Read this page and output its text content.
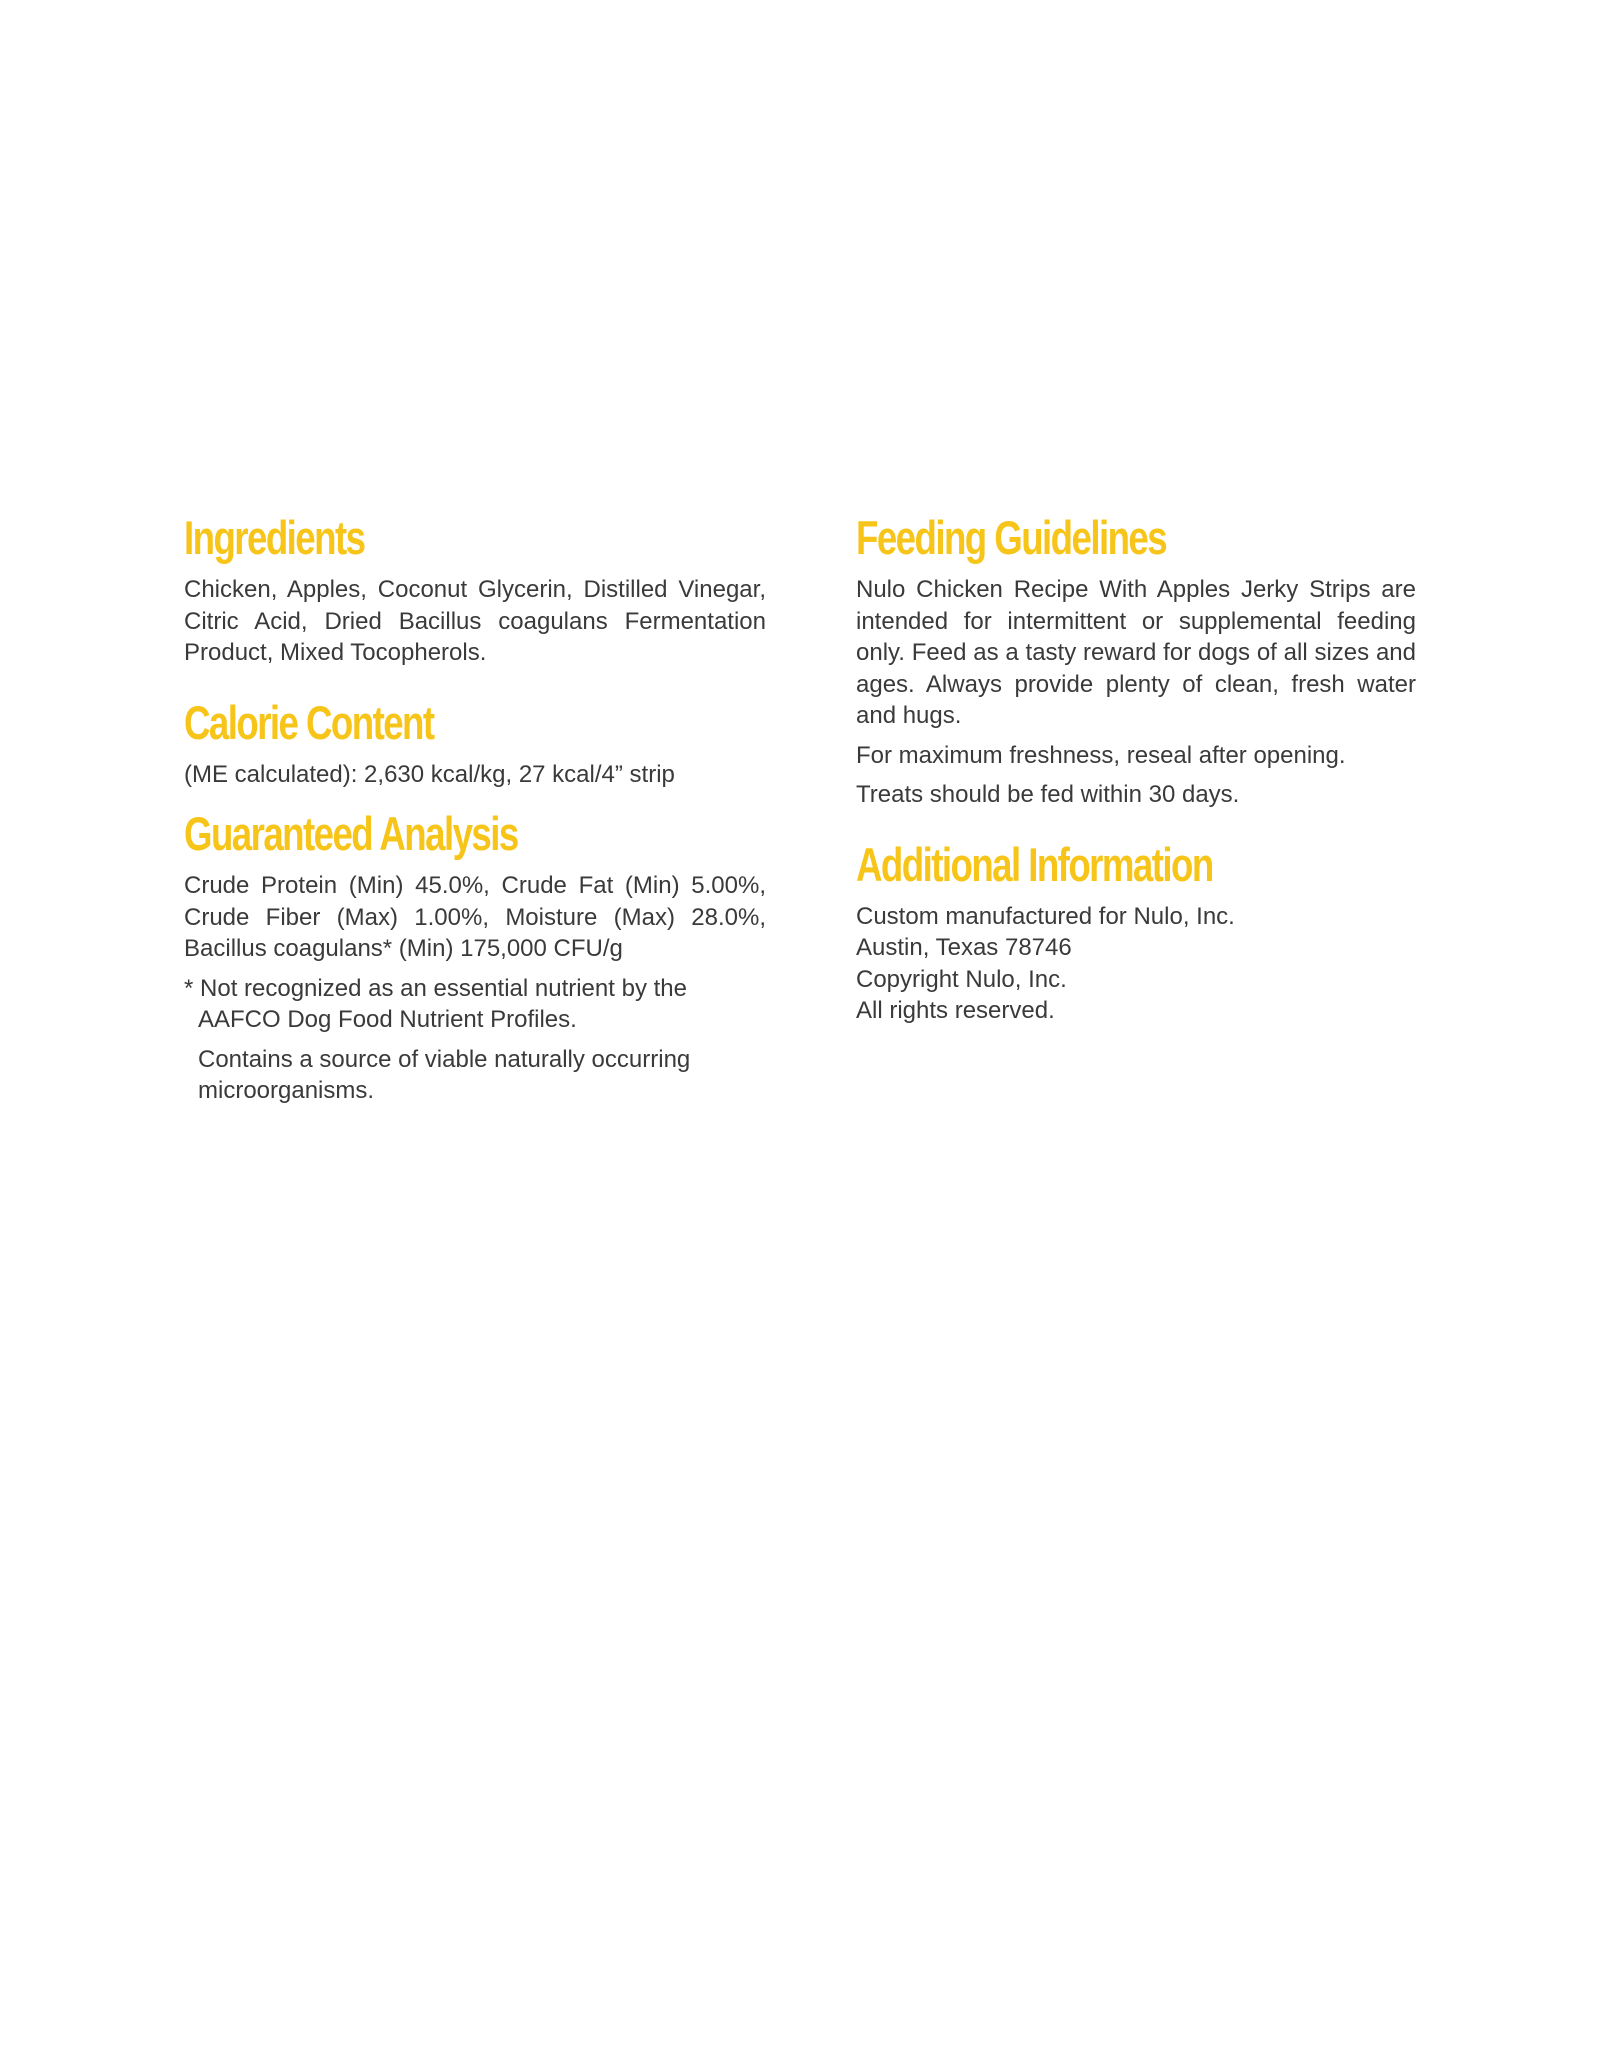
Ingredients

Chicken, Apples, Coconut Glycerin, Distilled Vinegar, Citric Acid, Dried Bacillus coagulans Fermentation Product, Mixed Tocopherols.

Calorie Content

(ME calculated): 2,630 kcal/kg, 27 kcal/4” strip

Guaranteed Analysis

Crude Protein (Min) 45.0%, Crude Fat (Min) 5.00%, Crude Fiber (Max) 1.00%, Moisture (Max) 28.0%, Bacillus coagulans* (Min) 175,000 CFU/g

* Not recognized as an essential nutrient by the AAFCO Dog Food Nutrient Profiles.

Contains a source of viable naturally occurring microorganisms.

Feeding Guidelines

Nulo Chicken Recipe With Apples Jerky Strips are intended for intermittent or supplemental feeding only. Feed as a tasty reward for dogs of all sizes and ages. Always provide plenty of clean, fresh water and hugs.

For maximum freshness, reseal after opening.

Treats should be fed within 30 days.

Additional Information

Custom manufactured for Nulo, Inc.
Austin, Texas 78746
Copyright Nulo, Inc.
All rights reserved.
